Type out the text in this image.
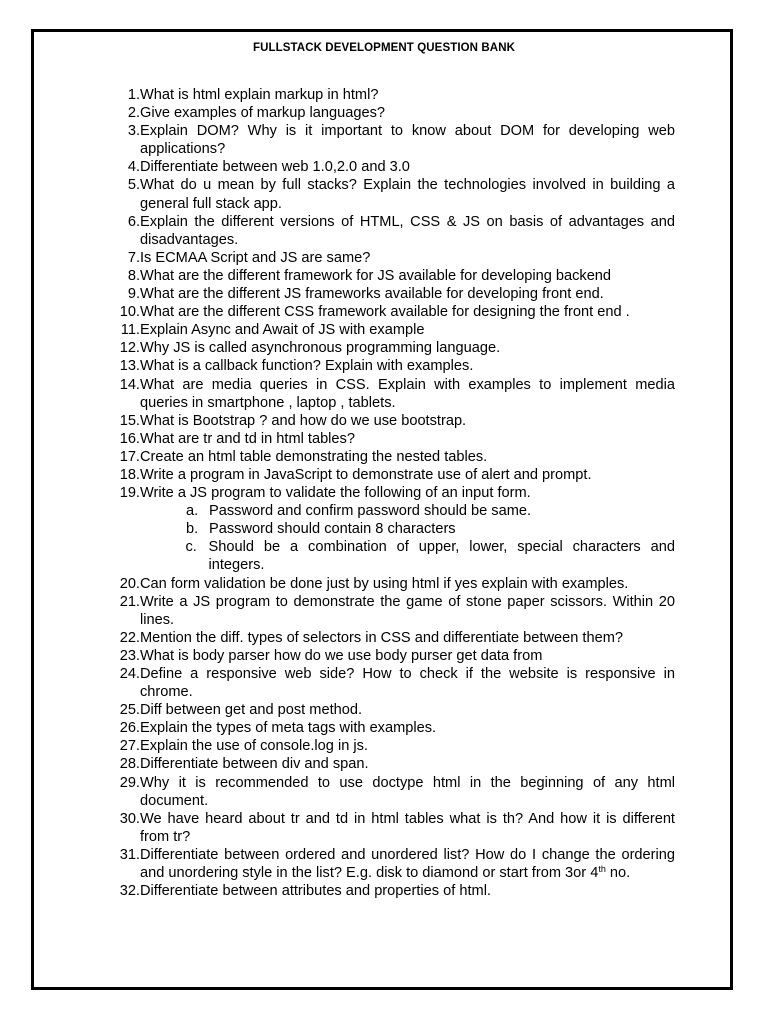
FULLSTACK DEVELOPMENT QUESTION BANK
1. What is html explain markup in html?
2. Give examples of markup languages?
3. Explain DOM? Why is it important to know about DOM for developing web applications?
4. Differentiate between web 1.0,2.0 and 3.0
5. What do u mean by full stacks? Explain the technologies involved in building a general full stack app.
6. Explain the different versions of HTML, CSS & JS on basis of advantages and disadvantages.
7. Is ECMAA Script and JS are same?
8. What are the different framework for JS available for developing backend
9. What are the different JS frameworks available for developing front end.
10. What are the different CSS framework available for designing the front end .
11. Explain Async and Await of JS with example
12. Why JS is called asynchronous programming language.
13. What is a callback function? Explain with examples.
14. What are media queries in CSS. Explain with examples to implement media queries in smartphone , laptop , tablets.
15. What is Bootstrap ? and how do we use bootstrap.
16. What are tr and td in html tables?
17. Create an html table demonstrating the nested tables.
18. Write a program in JavaScript to demonstrate use of alert and prompt.
19. Write a JS program to validate the following of an input form.
a. Password and confirm password should be same.
b. Password should contain 8 characters
c. Should be a combination of upper, lower, special characters and integers.
20. Can form validation be done just by using html if yes explain with examples.
21. Write a JS program to demonstrate the game of stone paper scissors. Within 20 lines.
22. Mention the diff. types of selectors in CSS and differentiate between them?
23. What is body parser how do we use body purser get data from
24. Define a responsive web side? How to check if the website is responsive in chrome.
25. Diff between get and post method.
26. Explain the types of meta tags with examples.
27. Explain the use of console.log in js.
28. Differentiate between div and span.
29. Why it is recommended to use doctype html in the beginning of any html document.
30. We have heard about tr and td in html tables what is th? And how it is different from tr?
31. Differentiate between ordered and unordered list? How do I change the ordering and unordering style in the list? E.g. disk to diamond or start from 3or 4th no.
32. Differentiate between attributes and properties of html.
